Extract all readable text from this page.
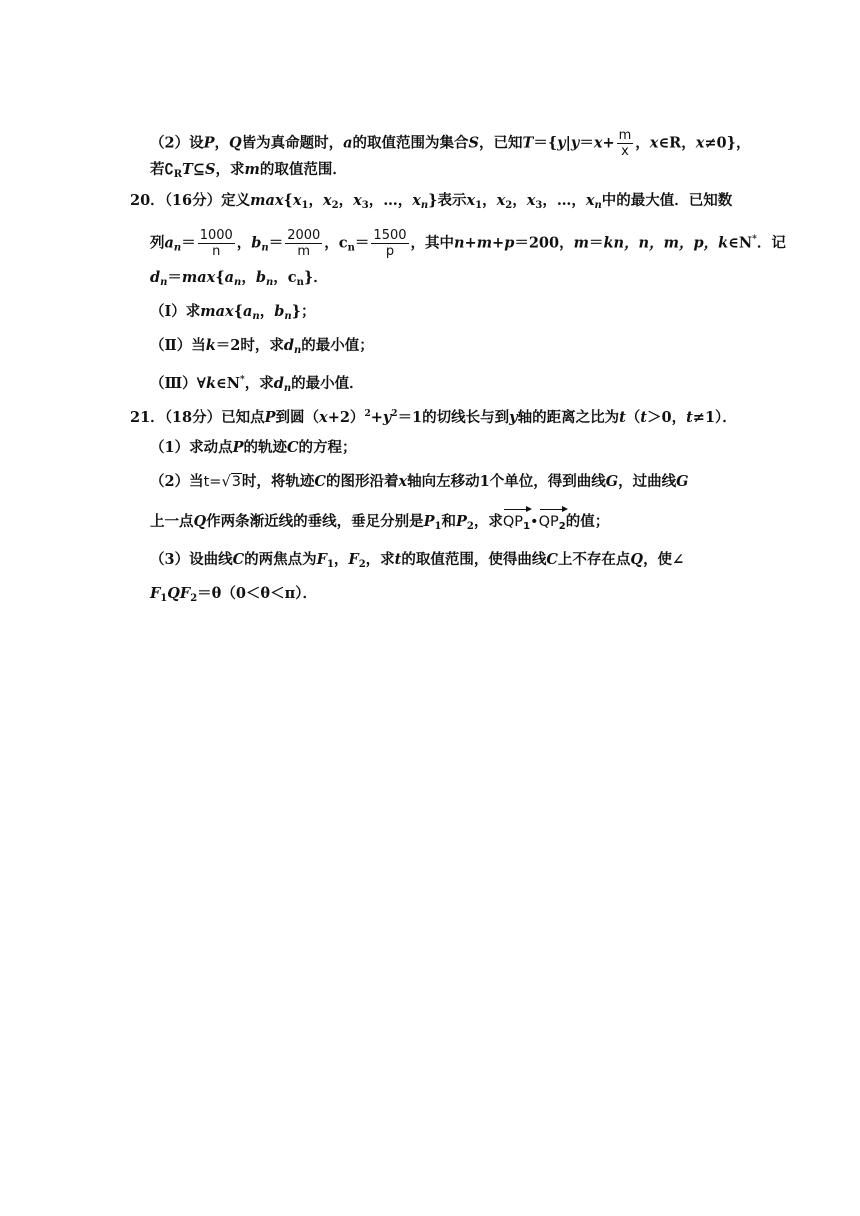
（2）设P，Q皆为真命题时，a的取值范围为集合S，已知$T=\{y|y=x+ \frac{m}{x}$ ，x∈R，x≠0}，
若$∁_RT⊆S$，求m的取值范围．
20．（16分）定义$\max\{x_1$，$x_2$，$x_3$，…，$x_n$}表示$x_1$，$x_2$，$x_3$，…，$x_n$中的最大值．已知数
列$a_n= \frac{1000}{n}$ ，$b_n= \frac{2000}{m}$ ，$c_n= \frac{1500}{p}$ ，其中n+m+p＝200，m＝kn，n，m，p，k∈N*．记
$d_n=\max\{a_n$，$b_n$，$c_n$}．
（Ⅰ）求$\max\{a_n$，$b_n$}；
（Ⅱ）当k＝2时，求$d_n$的最小值；
（Ⅲ）∀k∈N*，求$d_n$的最小值．
21．（18分）已知点P到圆$(x+2)^2+y^2=1$的切线长与到y轴的距离之比为t（t＞0，t≠1）．
（1）求动点P的轨迹C的方程；
（2）当t=√3时，将轨迹C的图形沿着x轴向左移动1个单位，得到曲线G，过曲线G
上一点Q作两条渐近线的垂线，垂足分别是$P_1$和$P_2$，求
$QP_1•$
$QP_2$的值；
（3）设曲线C的两焦点为$F_1$，$F_2$，求t的取值范围，使得曲线C上不存在点Q，使∠
$F_1QF_2=\theta(0<\theta<\pi)$．
